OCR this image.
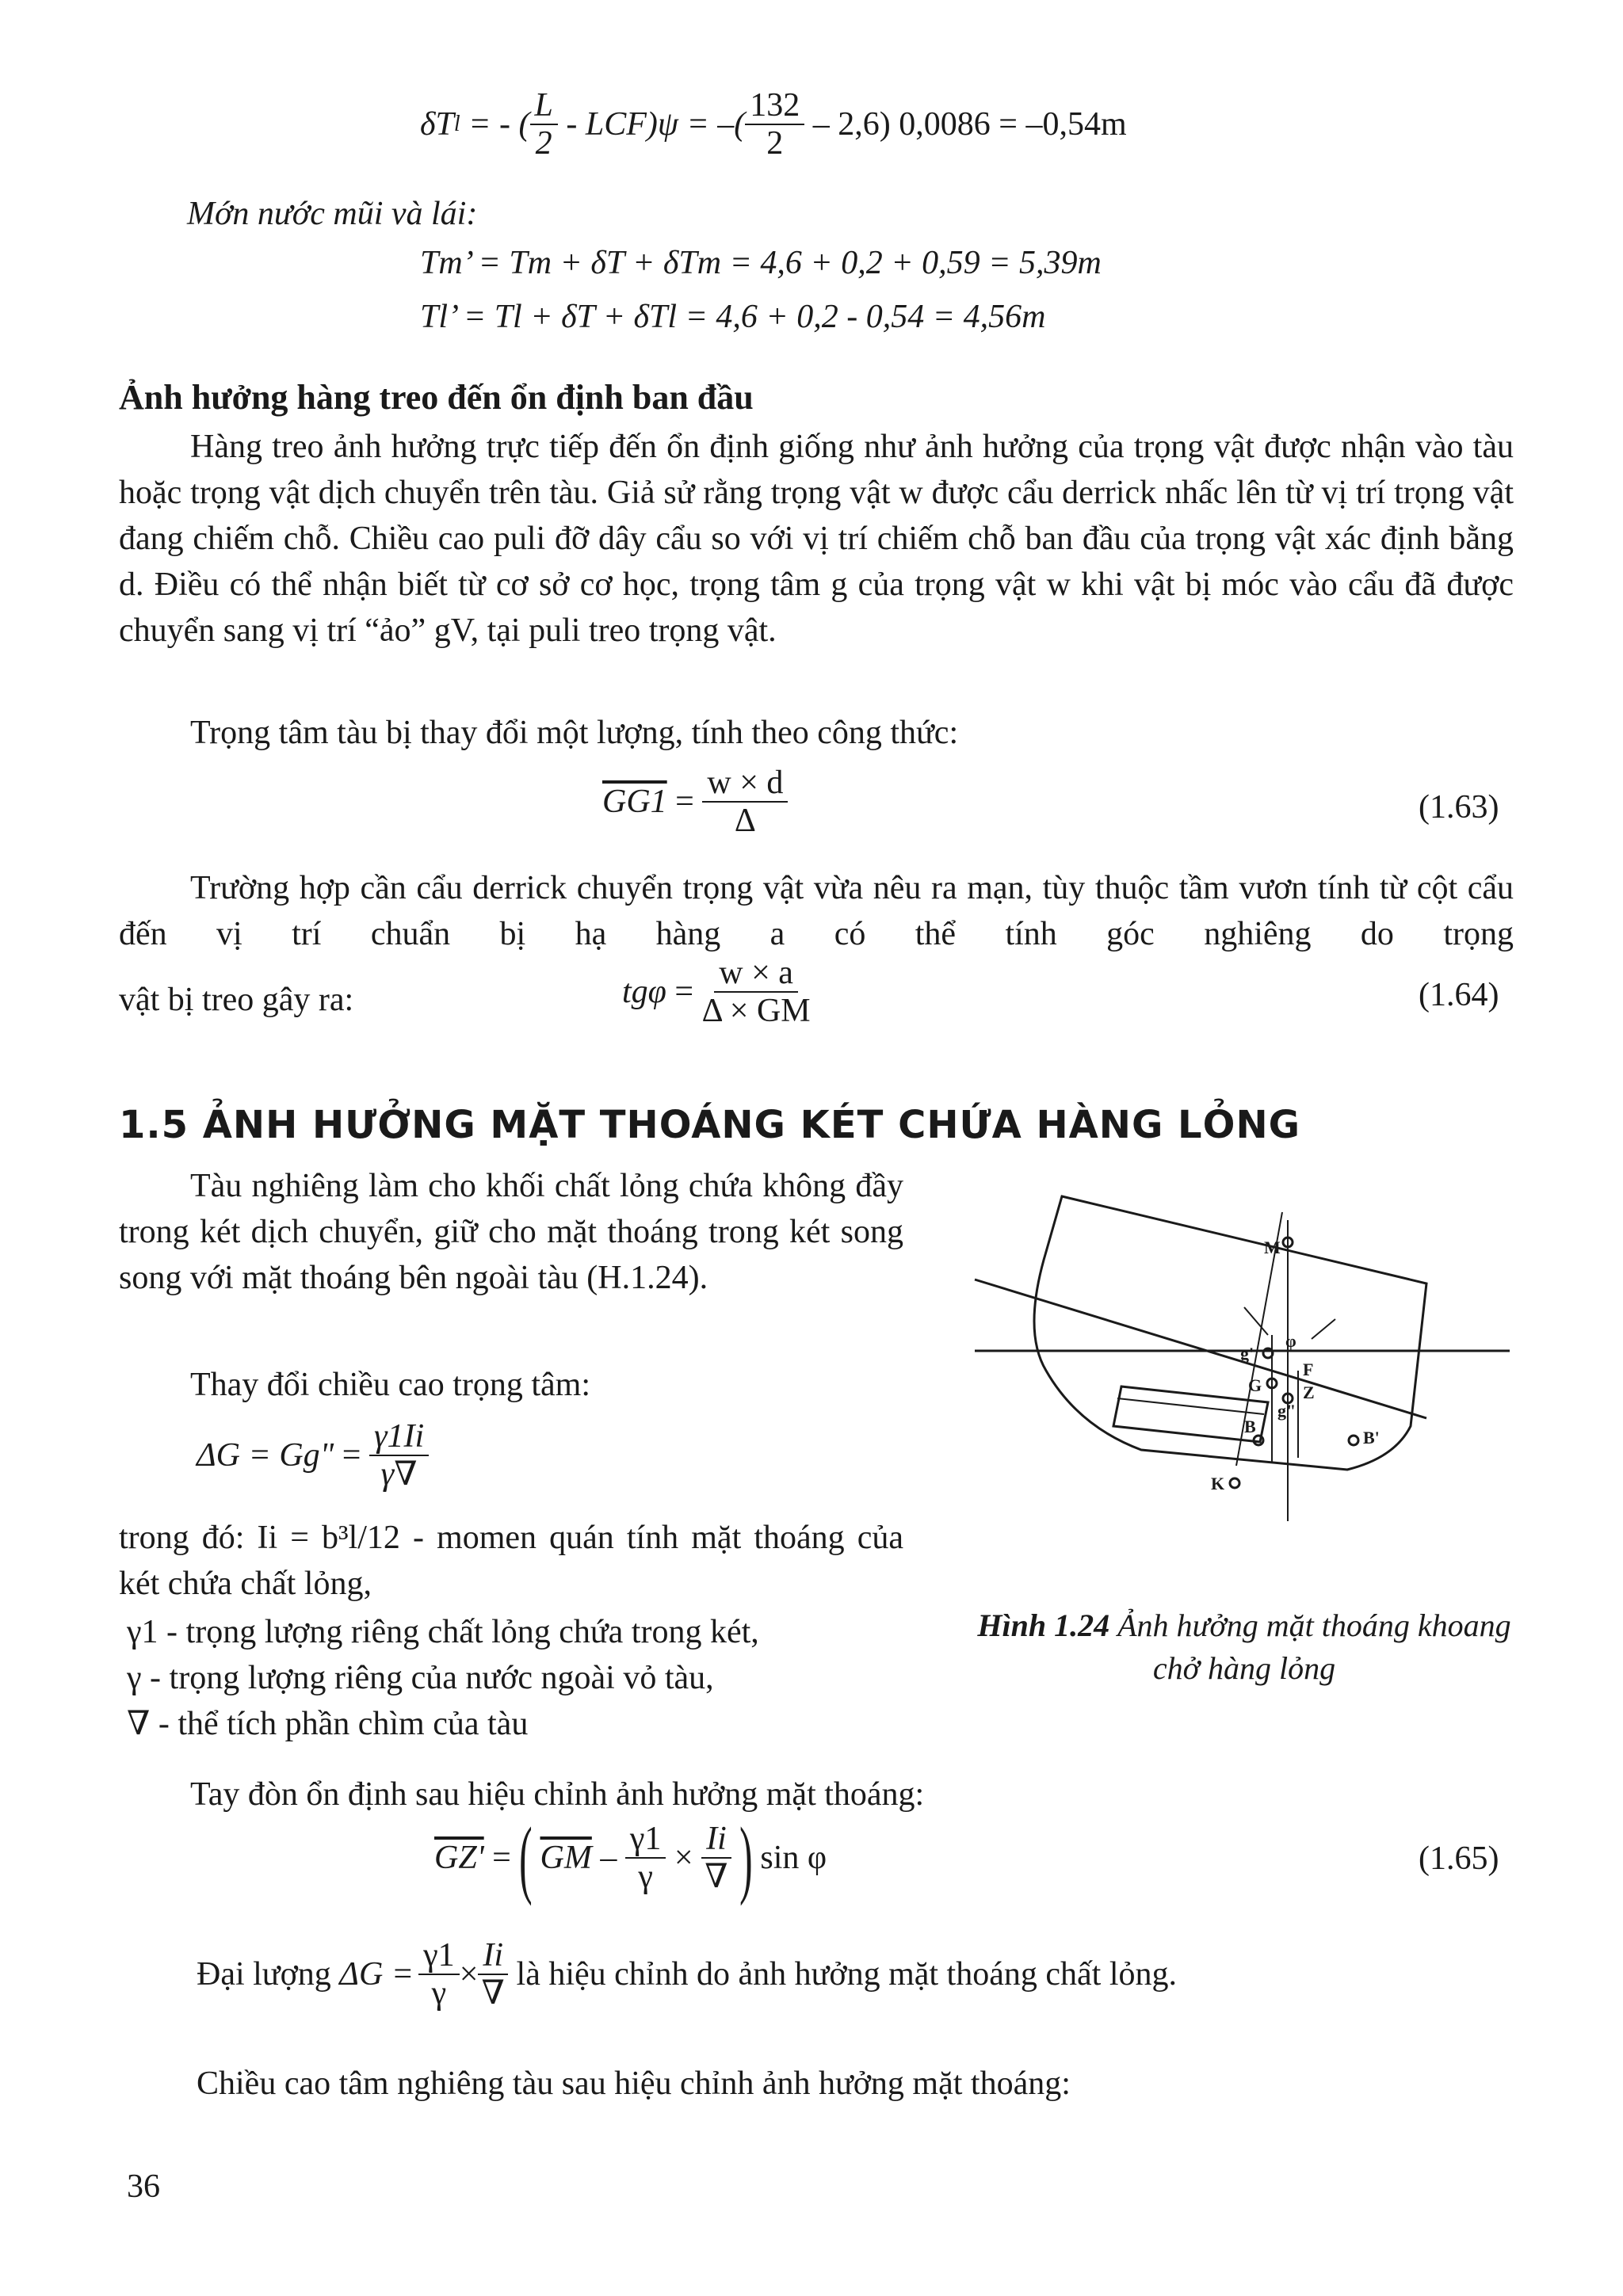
δT l = - ( $\frac{L}{2} - LCF)\psi$ = –( $\frac{132}{2} - 2,6$) 0,0086 = –0,54m
Mớn nước mũi và lái:
Tm’ = Tm + δT + δTm = 4,6 + 0,2 + 0,59 = 5,39m
Tl’ = Tl + δT + δTl = 4,6 + 0,2 - 0,54 = 4,56m
Ảnh hưởng hàng treo đến ổn định ban đầu
Hàng treo ảnh hưởng trực tiếp đến ổn định giống như ảnh hưởng của trọng vật được nhận vào tàu hoặc trọng vật dịch chuyển trên tàu. Giả sử rằng trọng vật w được cẩu derrick nhấc lên từ vị trí trọng vật đang chiếm chỗ. Chiều cao puli đỡ dây cẩu so với vị trí chiếm chỗ ban đầu của trọng vật xác định bằng d. Điều có thể nhận biết từ cơ sở cơ học, trọng tâm g của trọng vật w khi vật bị móc vào cẩu đã được chuyển sang vị trí “ảo” gV, tại puli treo trọng vật.
Trọng tâm tàu bị thay đổi một lượng, tính theo công thức:
$GG1 = \frac{w \times d}{\Delta}$	(1.63)
Trường hợp cần cẩu derrick chuyển trọng vật vừa nêu ra mạn, tùy thuộc tầm vươn tính từ cột cẩu đến vị trí chuẩn bị hạ hàng a có thể tính góc nghiêng do trọng
vật bị treo gây ra:	$tg\varphi = \frac{w \times a}{\Delta \times GM}$	(1.64)
1.5 ẢNH HƯỞNG MẶT THOÁNG KÉT CHỨA HÀNG LỎNG
Tàu nghiêng làm cho khối chất lỏng chứa không đầy trong két dịch chuyển, giữ cho mặt thoáng trong két song song với mặt thoáng bên ngoài tàu (H.1.24).
Thay đổi chiều cao trọng tâm:
ΔG = Gg" = $\frac{\gamma 1Ii}{\gamma\nabla}$
trong đó: Ii = b³l/12 - momen quán tính mặt thoáng của két chứa chất lỏng,
γ1 - trọng lượng riêng chất lỏng chứa trong két,
γ - trọng lượng riêng của nước ngoài vỏ tàu,
∇ - thể tích phần chìm của tàu
M
φ
g'
G
F
Z
g"
B
B'
K
Hình 1.24 Ảnh hưởng mặt thoáng khoang chở hàng lỏng
Tay đòn ổn định sau hiệu chỉnh ảnh hưởng mặt thoáng:
GZ' = ( $\overline{GM} - \frac{\gamma 1}{\gamma} \times \frac{Ii}{\nabla}$ ) sin φ	(1.65)
Đại lượng $\Delta G = \frac{\gamma 1}{\gamma} \times \frac{Ii}{\nabla}$ là hiệu chỉnh do ảnh hưởng mặt thoáng chất lỏng.
Chiều cao tâm nghiêng tàu sau hiệu chỉnh ảnh hưởng mặt thoáng:
36
